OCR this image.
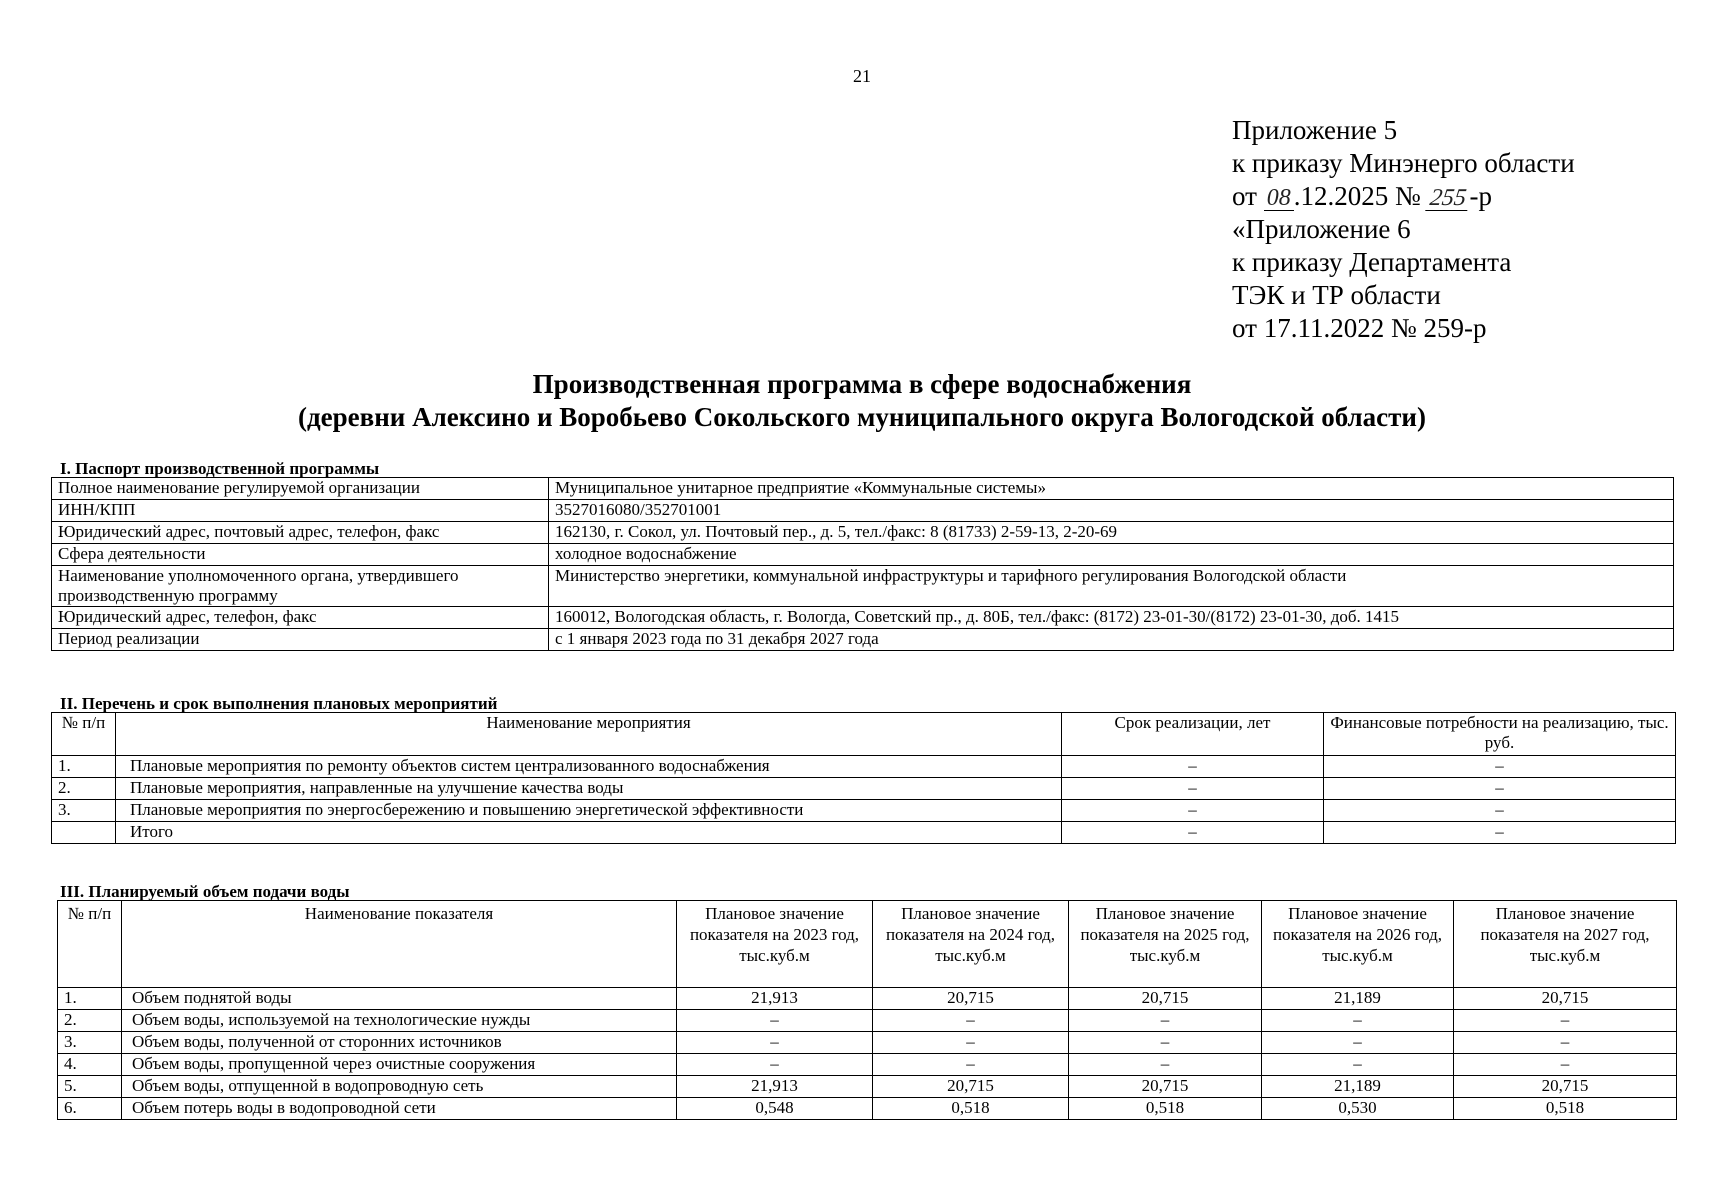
21
Приложение 5
к приказу Минэнерго области
от 08 .12.2025 № 255-р
«Приложение 6
к приказу Департамента
ТЭК и ТР области
от 17.11.2022 № 259-р
Производственная программа в сфере водоснабжения
(деревни Алексино и Воробьево Сокольского муниципального округа Вологодской области)
I. Паспорт производственной программы
Полное наименование регулируемой организации	Муниципальное унитарное предприятие «Коммунальные системы»
ИНН/КПП	3527016080/352701001
Юридический адрес, почтовый адрес, телефон, факс	162130, г. Сокол, ул. Почтовый пер., д. 5, тел./факс: 8 (81733) 2-59-13, 2-20-69
Сфера деятельности	холодное водоснабжение
Наименование уполномоченного органа, утвердившего производственную программу	Министерство энергетики, коммунальной инфраструктуры и тарифного регулирования Вологодской области
Юридический адрес, телефон, факс	160012, Вологодская область, г. Вологда, Советский пр., д. 80Б, тел./факс: (8172) 23-01-30/(8172) 23-01-30, доб. 1415
Период реализации	с 1 января 2023 года по 31 декабря 2027 года
II. Перечень и срок выполнения плановых мероприятий
№ п/п	Наименование мероприятия	Срок реализации, лет	Финансовые потребности на реализацию, тыс. руб.
1.	Плановые мероприятия по ремонту объектов систем централизованного водоснабжения	–	–
2.	Плановые мероприятия, направленные на улучшение качества воды	–	–
3.	Плановые мероприятия по энергосбережению и повышению энергетической эффективности	–	–
	Итого	–	–
III. Планируемый объем подачи воды
№ п/п	Наименование показателя	Плановое значение показателя на 2023 год, тыс.куб.м	Плановое значение показателя на 2024 год, тыс.куб.м	Плановое значение показателя на 2025 год, тыс.куб.м	Плановое значение показателя на 2026 год, тыс.куб.м	Плановое значение показателя на 2027 год, тыс.куб.м
1.	Объем поднятой воды	21,913	20,715	20,715	21,189	20,715
2.	Объем воды, используемой на технологические нужды	–	–	–	–	–
3.	Объем воды, полученной от сторонних источников	–	–	–	–	–
4.	Объем воды, пропущенной через очистные сооружения	–	–	–	–	–
5.	Объем воды, отпущенной в водопроводную сеть	21,913	20,715	20,715	21,189	20,715
6.	Объем потерь воды в водопроводной сети	0,548	0,518	0,518	0,530	0,518
